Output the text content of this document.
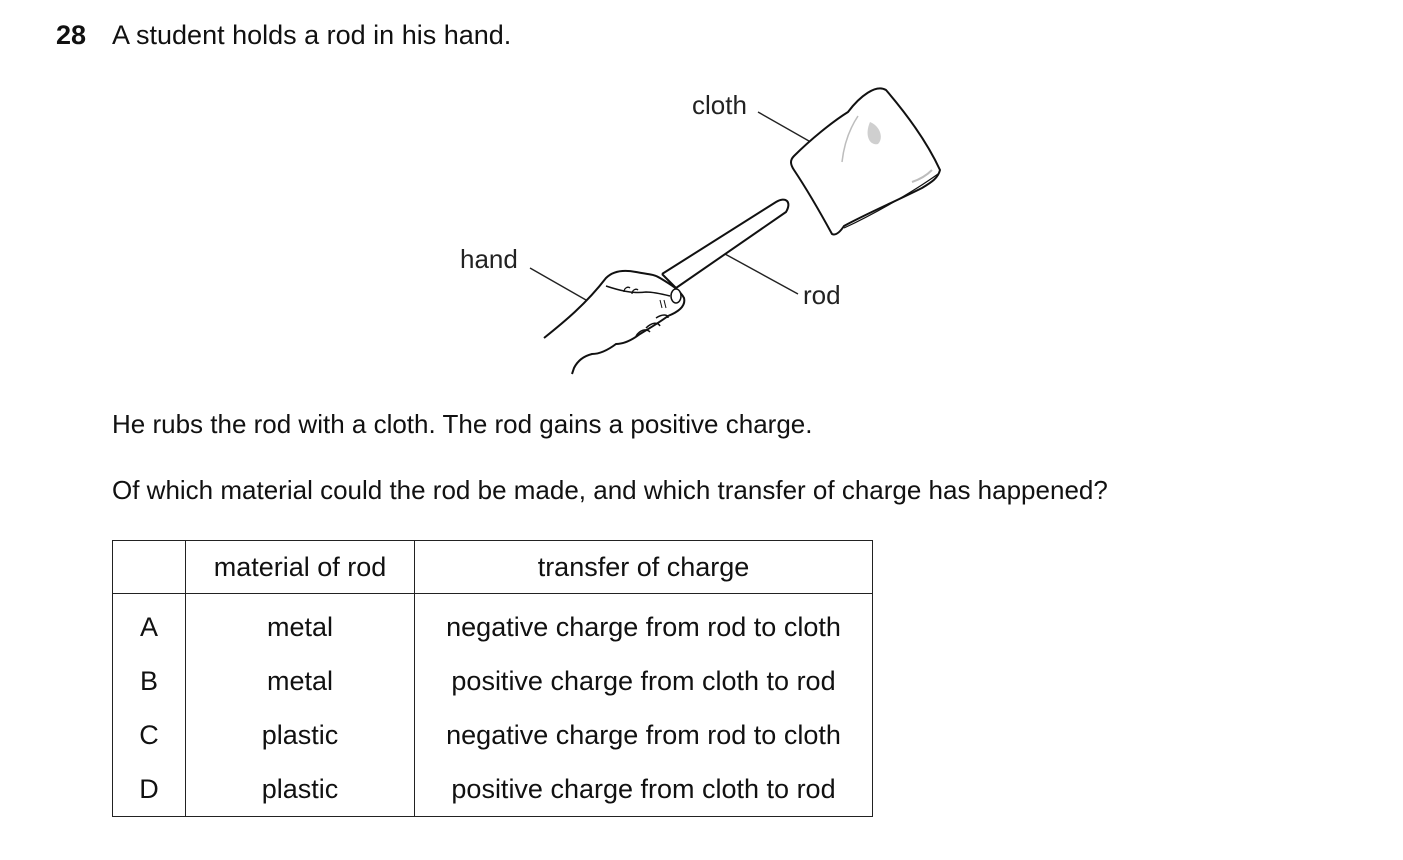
28 A student holds a rod in his hand.
cloth
hand
rod
He rubs the rod with a cloth. The rod gains a positive charge.
Of which material could the rod be made, and which transfer of charge has happened?
	material of rod	transfer of charge
A	metal	negative charge from rod to cloth
B	metal	positive charge from cloth to rod
C	plastic	negative charge from rod to cloth
D	plastic	positive charge from cloth to rod
